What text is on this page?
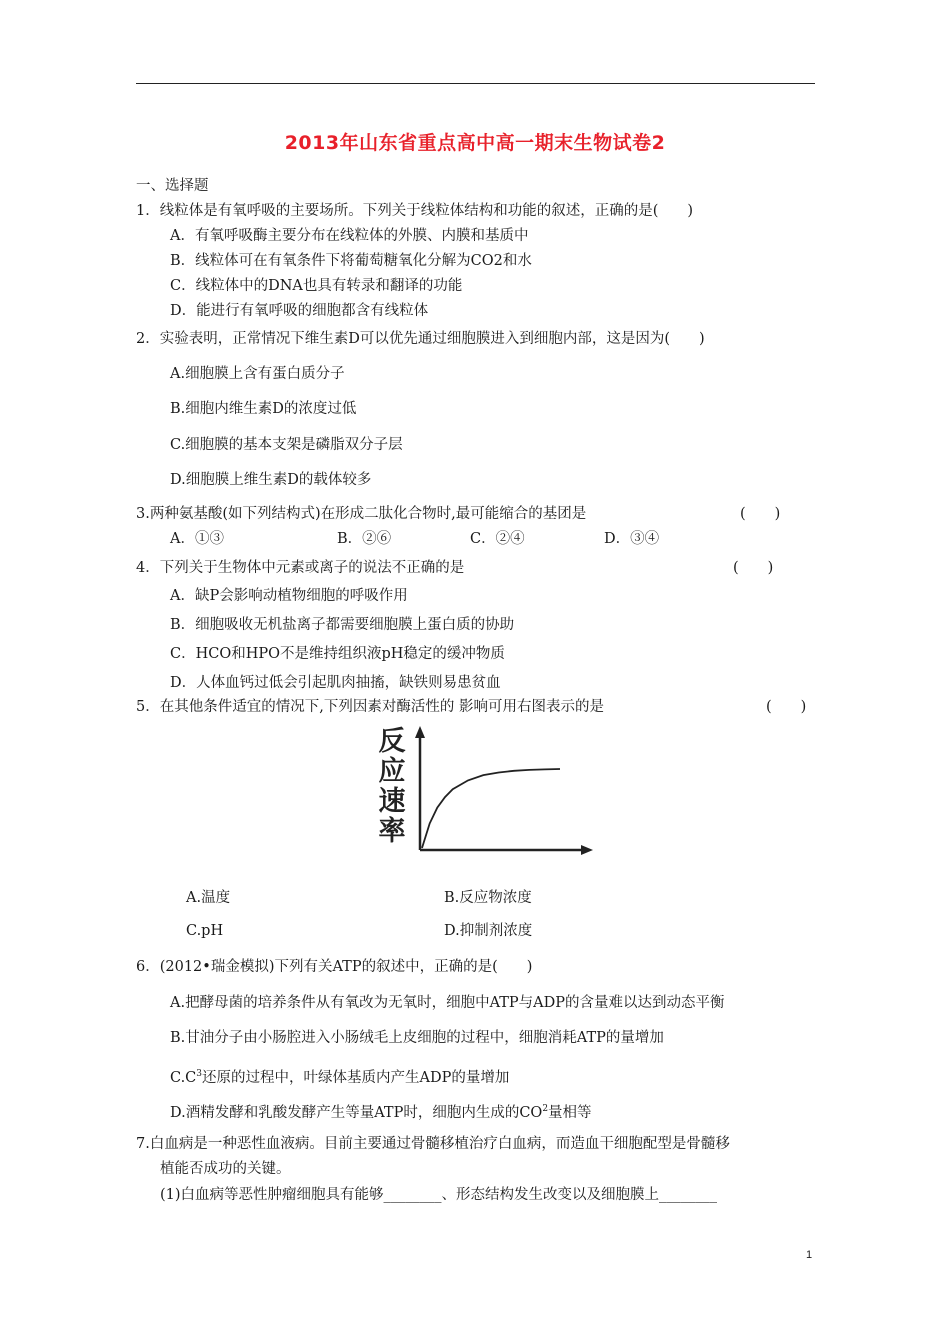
2013年山东省重点高中高一期末生物试卷2
一、选择题
1．线粒体是有氧呼吸的主要场所。下列关于线粒体结构和功能的叙述，正确的是(　　)
A．有氧呼吸酶主要分布在线粒体的外膜、内膜和基质中
B．线粒体可在有氧条件下将葡萄糖氧化分解为CO2和水
C．线粒体中的DNA也具有转录和翻译的功能
D．能进行有氧呼吸的细胞都含有线粒体
2．实验表明，正常情况下维生素D可以优先通过细胞膜进入到细胞内部，这是因为(　　)
A.细胞膜上含有蛋白质分子
B.细胞内维生素D的浓度过低
C.细胞膜的基本支架是磷脂双分子层
D.细胞膜上维生素D的载体较多
3.两种氨基酸(如下列结构式)在形成二肽化合物时,最可能缩合的基团是	(　　)
A．①③	B．②⑥	C．②④	D．③④
4．下列关于生物体中元素或离子的说法不正确的是	(　　)
A．缺P会影响动植物细胞的呼吸作用
B．细胞吸收无机盐离子都需要细胞膜上蛋白质的协助
C．HCO和HPO不是维持组织液pH稳定的缓冲物质
D．人体血钙过低会引起肌肉抽搐，缺铁则易患贫血
5．在其他条件适宜的情况下,下列因素对酶活性的 影响可用右图表示的是	(　　)
反
应
速
率
A.温度	B.反应物浓度
C.pH	D.抑制剂浓度
6．(2012•瑞金模拟)下列有关ATP的叙述中，正确的是(　　)
A.把酵母菌的培养条件从有氧改为无氧时，细胞中ATP与ADP的含量难以达到动态平衡
B.甘油分子由小肠腔进入小肠绒毛上皮细胞的过程中，细胞消耗ATP的量增加
$C.C^3$还原的过程中，叶绿体基质内产生ADP的量增加
D.酒精发酵和乳酸发酵产生等量ATP时，细胞内生成的$CO^2$量相等
7.白血病是一种恶性血液病。目前主要通过骨髓移植治疗白血病，而造血干细胞配型是骨髓移
植能否成功的关键。
(1)白血病等恶性肿瘤细胞具有能够________、形态结构发生改变以及细胞膜上________
1
